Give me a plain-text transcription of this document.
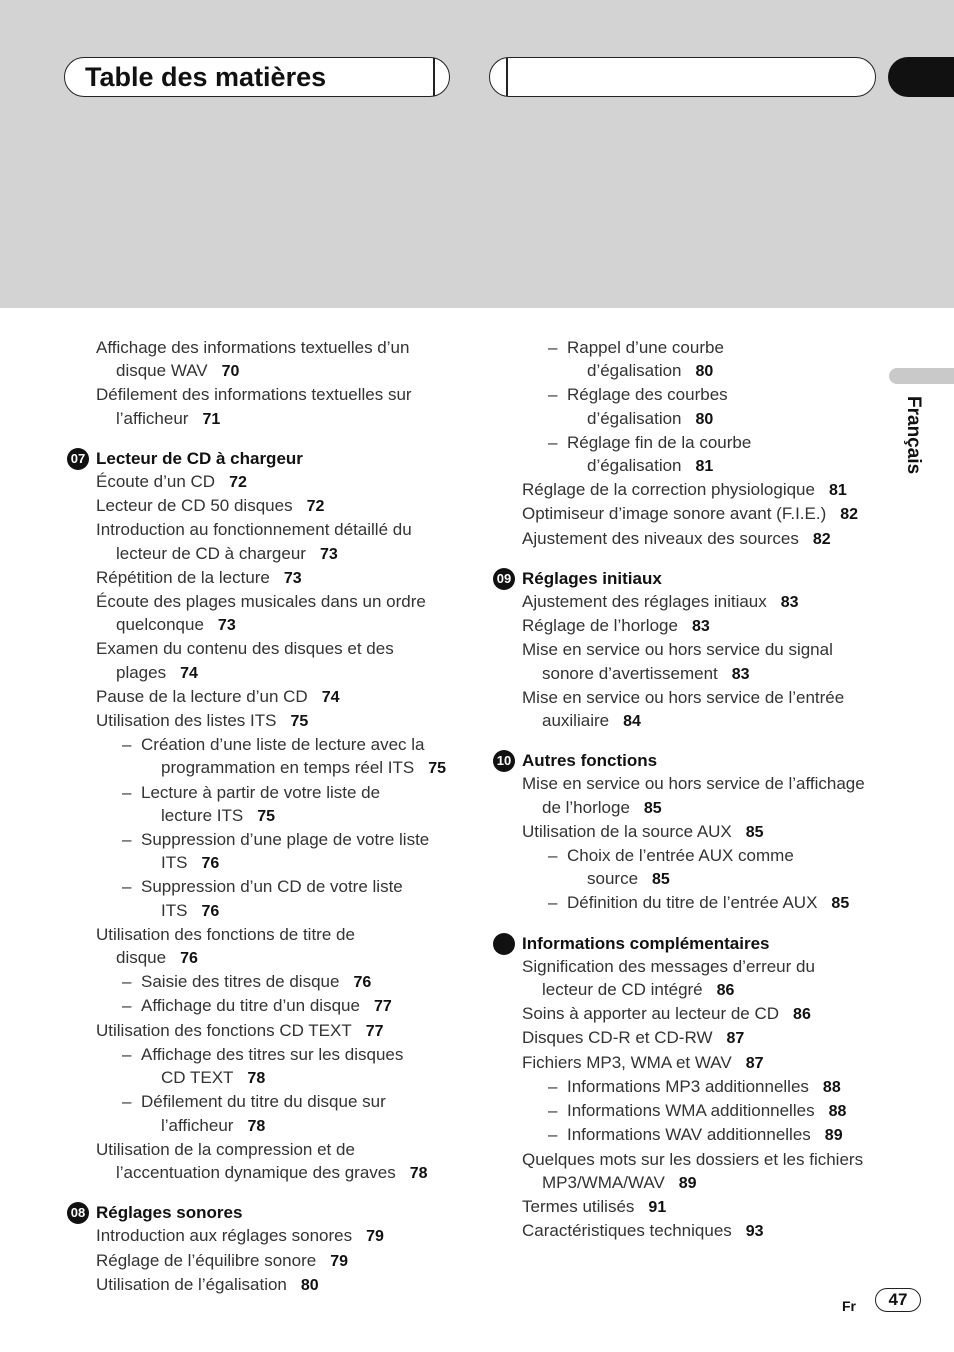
Table des matières
Français
Affichage des informations textuelles d’un
disque WAV 70
Défilement des informations textuelles sur
l’afficheur 71
07 Lecteur de CD à chargeur
Écoute d’un CD 72
Lecteur de CD 50 disques 72
Introduction au fonctionnement détaillé du
lecteur de CD à chargeur 73
Répétition de la lecture 73
Écoute des plages musicales dans un ordre
quelconque 73
Examen du contenu des disques et des
plages 74
Pause de la lecture d’un CD 74
Utilisation des listes ITS 75
– Création d’une liste de lecture avec la
programmation en temps réel ITS 75
– Lecture à partir de votre liste de
lecture ITS 75
– Suppression d’une plage de votre liste
ITS 76
– Suppression d’un CD de votre liste
ITS 76
Utilisation des fonctions de titre de
disque 76
– Saisie des titres de disque 76
– Affichage du titre d’un disque 77
Utilisation des fonctions CD TEXT 77
– Affichage des titres sur les disques
CD TEXT 78
– Défilement du titre du disque sur
l’afficheur 78
Utilisation de la compression et de
l’accentuation dynamique des graves 78
08 Réglages sonores
Introduction aux réglages sonores 79
Réglage de l’équilibre sonore 79
Utilisation de l’égalisation 80
– Rappel d’une courbe
d’égalisation 80
– Réglage des courbes
d’égalisation 80
– Réglage fin de la courbe
d’égalisation 81
Réglage de la correction physiologique 81
Optimiseur d’image sonore avant (F.I.E.) 82
Ajustement des niveaux des sources 82
09 Réglages initiaux
Ajustement des réglages initiaux 83
Réglage de l’horloge 83
Mise en service ou hors service du signal
sonore d’avertissement 83
Mise en service ou hors service de l’entrée
auxiliaire 84
10 Autres fonctions
Mise en service ou hors service de l’affichage
de l’horloge 85
Utilisation de la source AUX 85
– Choix de l’entrée AUX comme
source 85
– Définition du titre de l’entrée AUX 85
Informations complémentaires
Signification des messages d’erreur du
lecteur de CD intégré 86
Soins à apporter au lecteur de CD 86
Disques CD-R et CD-RW 87
Fichiers MP3, WMA et WAV 87
– Informations MP3 additionnelles 88
– Informations WMA additionnelles 88
– Informations WAV additionnelles 89
Quelques mots sur les dossiers et les fichiers
MP3/WMA/WAV 89
Termes utilisés 91
Caractéristiques techniques 93
Fr	47
